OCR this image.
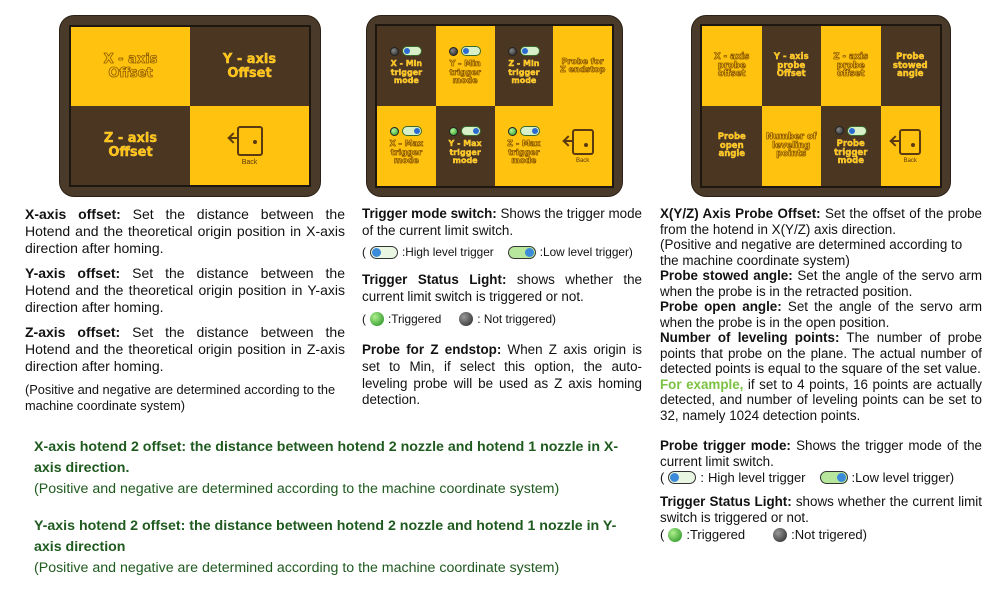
X - axis
Offset
Y - axis
Offset
Z - axis
Offset
Back
X - Min
trigger mode
Y - Min
trigger mode
Z - Min
trigger mode
Probe for
Z endstop
X - Max
trigger mode
Y - Max
trigger mode
Z - Max
trigger mode	Back
X - axis
probe
offset
Y - axis
probe
Offset
Z - axis
probe
offset
Probe
stowed
angle
Probe
open
angle
Number of
leveling
points
Probe
trigger
mode	Back

X-axis offset: Set the distance between the Hotend and the theoretical origin position in X-axis direction after homing.

Y-axis offset: Set the distance between the Hotend and the theoretical origin position in Y-axis direction after homing.

Z-axis offset: Set the distance between the Hotend and the theoretical origin position in Z-axis direction after homing.

(Positive and negative are determined according to the machine coordinate system)

Trigger mode switch: Shows the trigger mode of the current limit switch.

(	:High level trigger	:Low level trigger)

Trigger Status Light: shows whether the current limit switch is triggered or not.

( :Triggered	: Not triggered)

Probe for Z endstop: When Z axis origin is set to Min, if select this option, the auto-leveling probe will be used as Z axis homing detection.

X(Y/Z) Axis Probe Offset: Set the offset of the probe from the hotend in X(Y/Z) axis direction.

(Positive and negative are determined according to the machine coordinate system)

Probe stowed angle: Set the angle of the servo arm when the probe is in the retracted position.

Probe open angle: Set the angle of the servo arm when the probe is in the open position.

Number of leveling points: The number of probe points that probe on the plane. The actual number of detected points is equal to the square of the set value.

For example, if set to 4 points, 16 points are actually detected, and number of leveling points can be set to 32, namely 1024 detection points.

Probe trigger mode: Shows the trigger mode of the current limit switch.

(	: High level trigger	:Low level trigger)

Trigger Status Light: shows whether the current limit switch is triggered or not.

( :Triggered	:Not trigered)

X-axis hotend 2 offset: the distance between hotend 2 nozzle and hotend 1 nozzle in X-axis direction.

(Positive and negative are determined according to the machine coordinate system)

Y-axis hotend 2 offset: the distance between hotend 2 nozzle and hotend 1 nozzle in Y-axis direction

(Positive and negative are determined according to the machine coordinate system)
